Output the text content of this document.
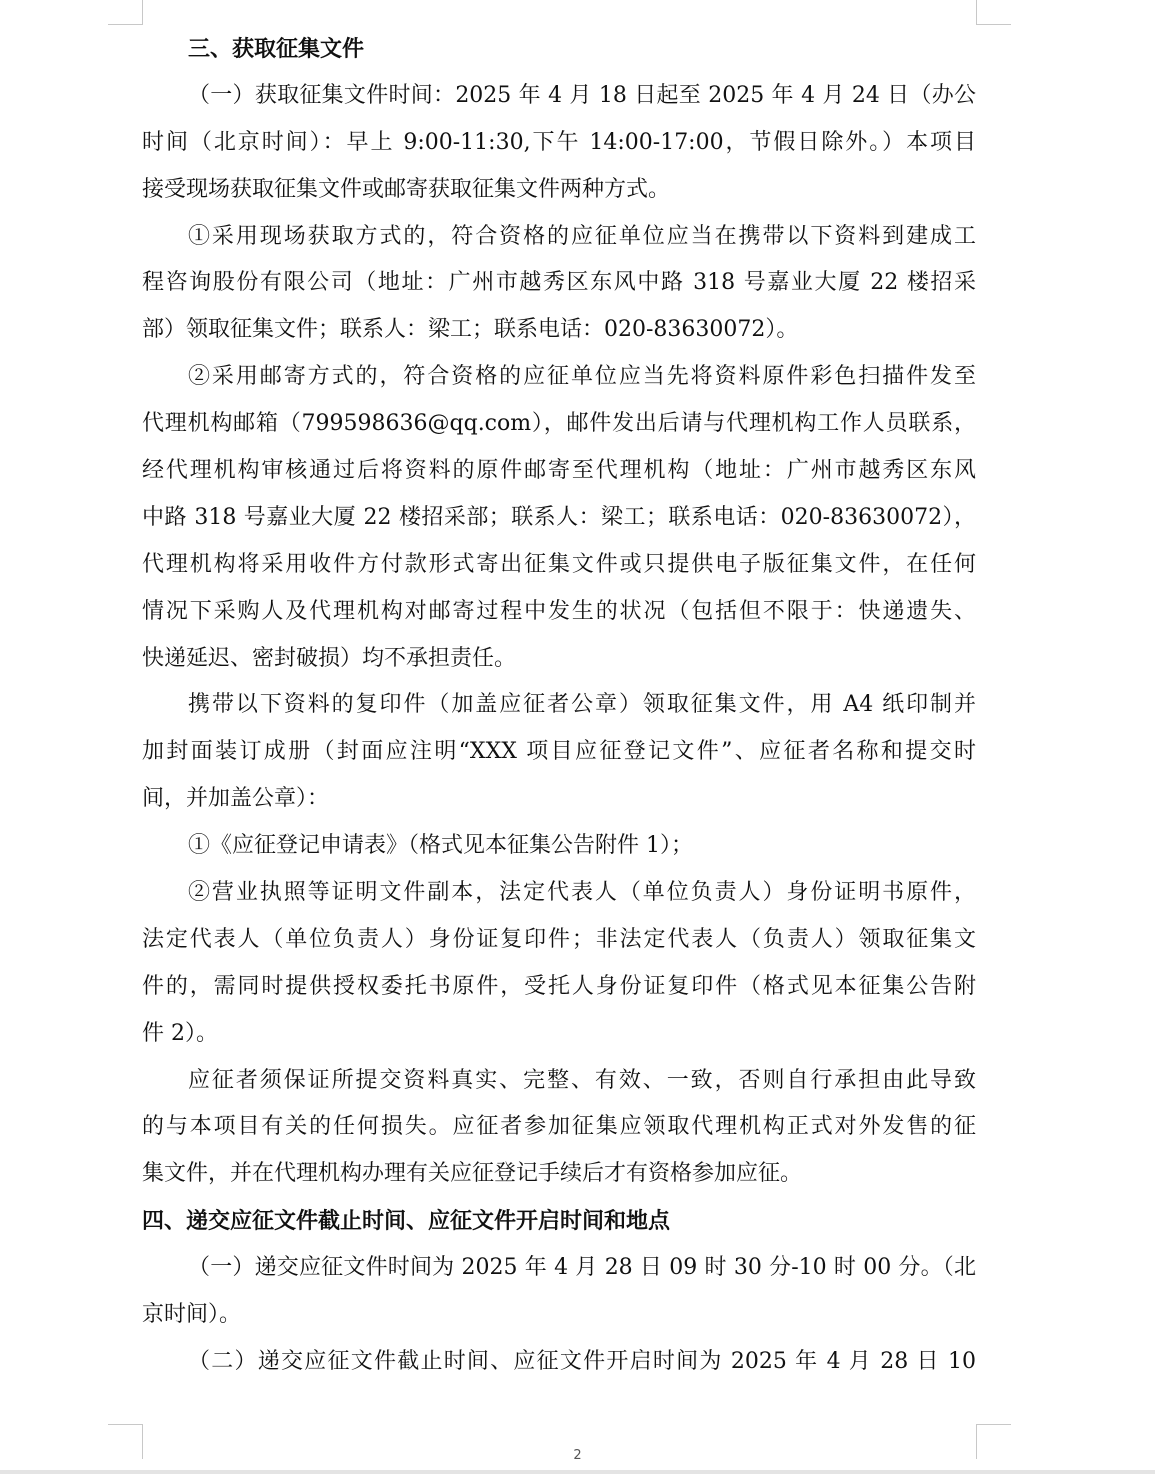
三、获取征集文件
（一）获取征集文件时间：2025 年 4 月 18 日起至 2025 年 4 月 24 日（办公
时间（北京时间）：早上 9:00-11:30,下午 14:00-17:00，节假日除外。）本项目
接受现场获取征集文件或邮寄获取征集文件两种方式。
①采用现场获取方式的，符合资格的应征单位应当在携带以下资料到建成工
程咨询股份有限公司（地址：广州市越秀区东风中路 318 号嘉业大厦 22 楼招采
部）领取征集文件；联系人：梁工；联系电话：020-83630072）。
②采用邮寄方式的，符合资格的应征单位应当先将资料原件彩色扫描件发至
代理机构邮箱（799598636@qq.com），邮件发出后请与代理机构工作人员联系，
经代理机构审核通过后将资料的原件邮寄至代理机构（地址：广州市越秀区东风
中路 318 号嘉业大厦 22 楼招采部；联系人：梁工；联系电话：020-83630072），
代理机构将采用收件方付款形式寄出征集文件或只提供电子版征集文件，在任何
情况下采购人及代理机构对邮寄过程中发生的状况（包括但不限于：快递遗失、
快递延迟、密封破损）均不承担责任。
携带以下资料的复印件（加盖应征者公章）领取征集文件，用 A4 纸印制并
加封面装订成册（封面应注明“XXX 项目应征登记文件”、应征者名称和提交时
间，并加盖公章）：
①《应征登记申请表》（格式见本征集公告附件 1）；
②营业执照等证明文件副本，法定代表人（单位负责人）身份证明书原件，
法定代表人（单位负责人）身份证复印件；非法定代表人（负责人）领取征集文
件的，需同时提供授权委托书原件，受托人身份证复印件（格式见本征集公告附
件 2）。
应征者须保证所提交资料真实、完整、有效、一致，否则自行承担由此导致
的与本项目有关的任何损失。应征者参加征集应领取代理机构正式对外发售的征
集文件，并在代理机构办理有关应征登记手续后才有资格参加应征。
四、递交应征文件截止时间、应征文件开启时间和地点
（一）递交应征文件时间为 2025 年 4 月 28 日 09 时 30 分-10 时 00 分。（北
京时间）。
（二）递交应征文件截止时间、应征文件开启时间为 2025 年 4 月 28 日 10
2
